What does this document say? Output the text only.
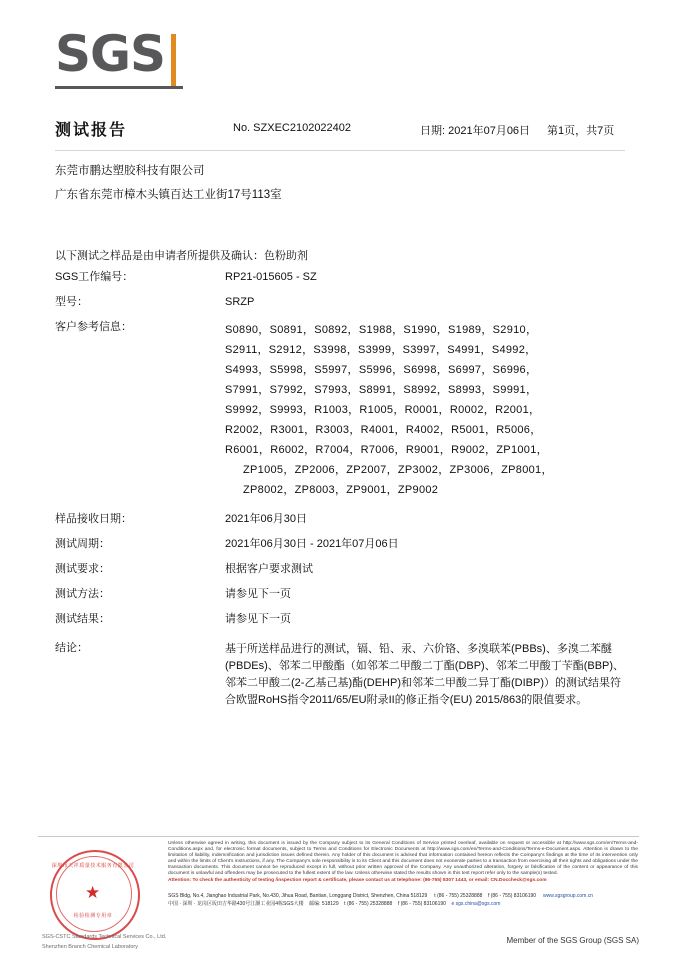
SGS
测试报告	No. SZXEC2102022402	日期: 2021年07月06日 第1页，共7页
东莞市鹏达塑胶科技有限公司
广东省东莞市樟木头镇百达工业街17号113室
以下测试之样品是由申请者所提供及确认：色粉助剂
SGS工作编号：	RP21-015605 - SZ
型号：	SRZP
客户参考信息：	S0890，S0891，S0892，S1988，S1990，S1989，S2910，
S2911，S2912，S3998，S3999，S3997，S4991，S4992，
S4993，S5998，S5997，S5996，S6998，S6997，S6996，
S7991，S7992，S7993，S8991，S8992，S8993，S9991，
S9992，S9993，R1003，R1005，R0001，R0002，R2001，
R2002，R3001，R3003，R4001，R4002，R5001，R5006，
R6001，R6002，R7004，R7006，R9001，R9002，ZP1001，
ZP1005，ZP2006，ZP2007，ZP3002，ZP3006，ZP8001，
ZP8002，ZP8003，ZP9001，ZP9002
样品接收日期：	2021年06月30日
测试周期：	2021年06月30日 - 2021年07月06日
测试要求：	根据客户要求测试
测试方法：	请参见下一页
测试结果：	请参见下一页
结论：	基于所送样品进行的测试，镉、铅、汞、六价铬、多溴联苯(PBBs)、多溴二苯醚(PBDEs)、邻苯二甲酸酯（如邻苯二甲酸二丁酯(DBP)、邻苯二甲酸丁苄酯(BBP)、邻苯二甲酸二(2-乙基己基)酯(DEHP)和邻苯二甲酸二异丁酯(DIBP)）的测试结果符合欧盟RoHS指令2011/65/EU附录II的修正指令(EU) 2015/863的限值要求。
深圳市天祥质量技术服务有限公司
★
检验检测专用章
SGS-CSTC Standards Technical Services Co., Ltd.
Shenzhen Branch Chemical Laboratory
Unless otherwise agreed in writing, this document is issued by the Company subject to its General Conditions of Service printed overleaf, available on request or accessible at http://www.sgs.com/en/Terms-and-Conditions.aspx and, for electronic format documents, subject to Terms and Conditions for Electronic Documents at http://www.sgs.com/en/Terms-and-Conditions/Terms-e-Document.aspx. Attention is drawn to the limitation of liability, indemnification and jurisdiction issues defined therein. Any holder of this document is advised that information contained hereon reflects the Company's findings at the time of its intervention only and within the limits of Client's instructions, if any. The Company's sole responsibility is to its Client and this document does not exonerate parties to a transaction from exercising all their rights and obligations under the transaction documents. This document cannot be reproduced except in full, without prior written approval of the Company. Any unauthorized alteration, forgery or falsification of the content or appearance of this document is unlawful and offenders may be prosecuted to the fullest extent of the law. Unless otherwise stated the results shown in this test report refer only to the sample(s) tested.
Attention: To check the authenticity of testing /inspection report & certificate, please contact us at telephone: (86-755) 8307 1443, or email: CN.Doccheck@sgs.com
SGS Bldg, No.4, Jianghao Industrial Park, No.430, Jihua Road, Bantian, Longgang District, Shenzhen, China 518129 t (86 - 755) 25328888 f (86 - 755) 83106190 www.sgsgroup.com.cn
中国 · 深圳 · 龙岗区坂田吉华路430号江灏工业园4栋SGS大楼 邮编: 518129 t (86 - 755) 25328888 f (86 - 755) 83106190 e sgs.china@sgs.com
Member of the SGS Group (SGS SA)
